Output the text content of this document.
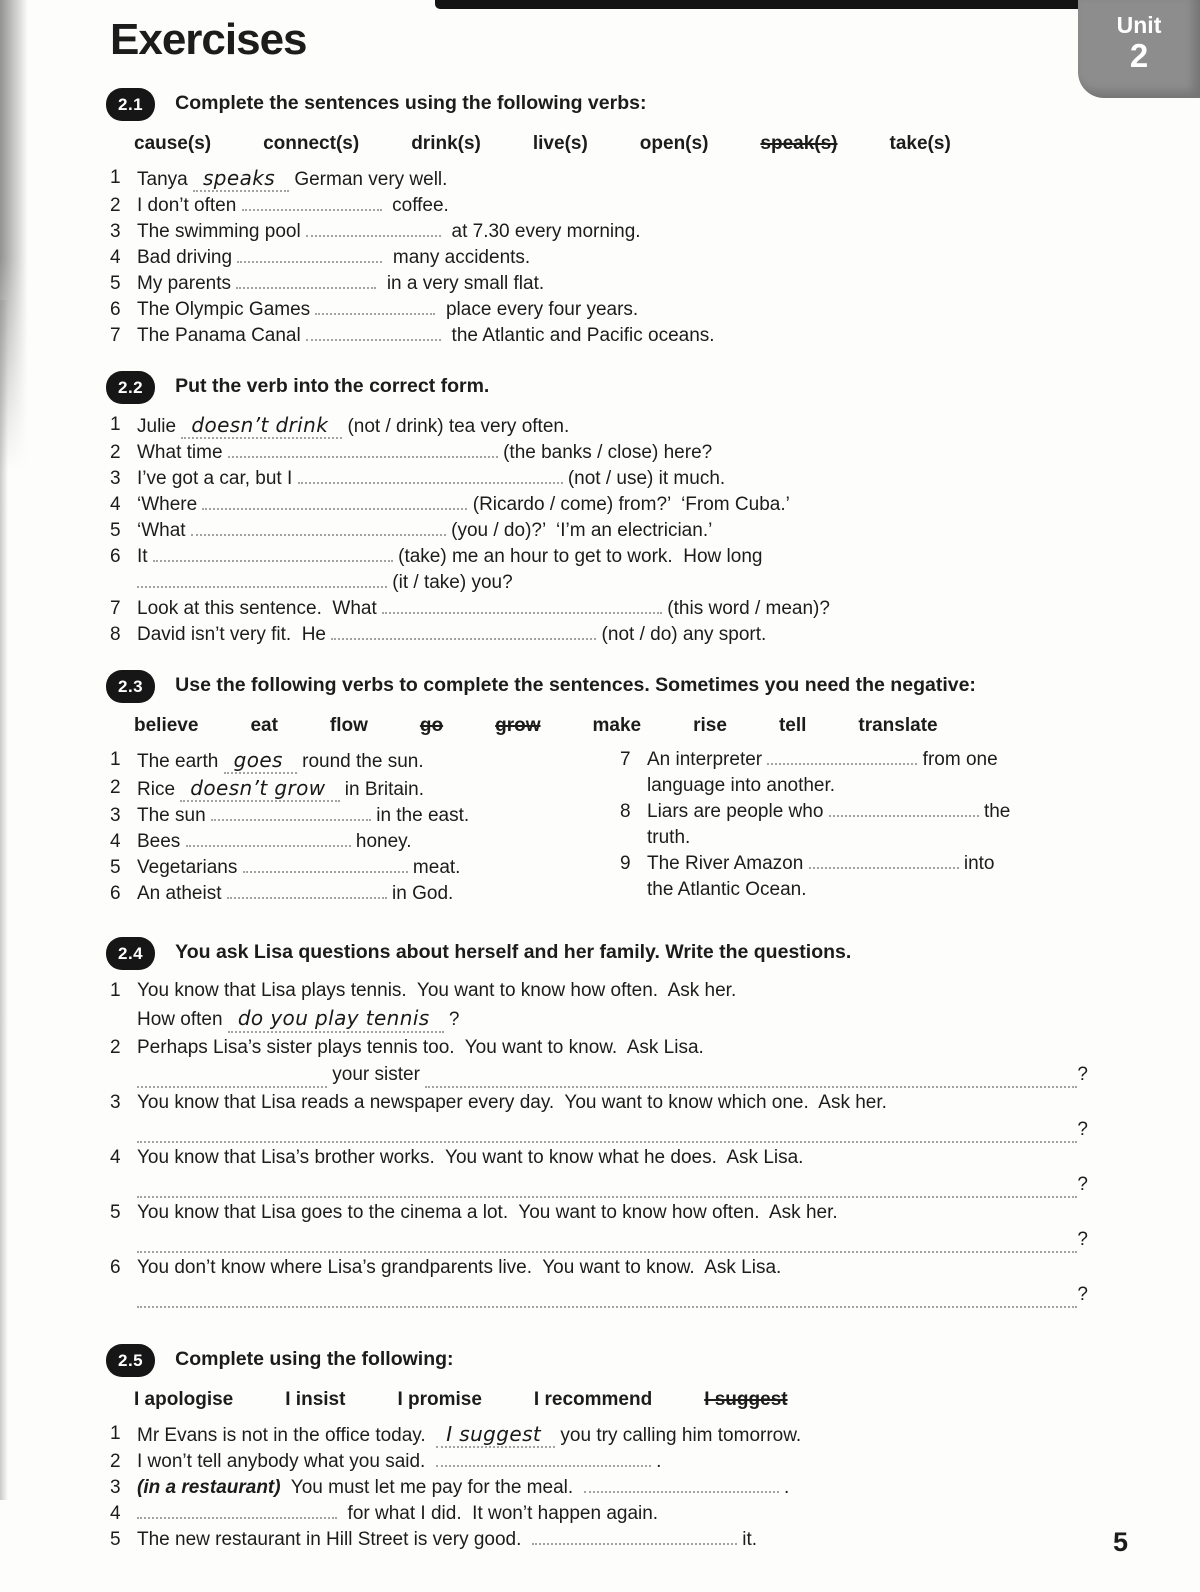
Unit
2
Exercises
2.1	Complete the sentences using the following verbs:

cause(s)	connect(s)	drink(s)	live(s)	open(s)	speak(s)	take(s)
1 Tanya speaks German very well.
2 I don’t often	coffee.
3 The swimming pool	at 7.30 every morning.
4 Bad driving	many accidents.
5 My parents	in a very small flat.
6 The Olympic Games	place every four years.
7 The Panama Canal	the Atlantic and Pacific oceans.
2.2	Put the verb into the correct form.

1 Julie doesn’t drink (not / drink) tea very often.
2 What time	(the banks / close) here?
3 I’ve got a car, but I	(not / use) it much.
4 ‘Where	(Ricardo / come) from?’  ‘From Cuba.’
5 ‘What	(you / do)?’  ‘I’m an electrician.’
6 It	(take) me an hour to get to work.  How long
(it / take) you?
7 Look at this sentence.  What	(this word / mean)?
8 David isn’t very fit.  He	(not / do) any sport.
2.3	Use the following verbs to complete the sentences. Sometimes you need the negative:

believe	eat	flow	go	grow	make	rise	tell	translate
1 The earth goes round the sun.
2 Rice doesn’t grow in Britain.
3 The sun	in the east.
4 Bees	honey.
5 Vegetarians	meat.
6 An atheist	in God.
7 An interpreter	from one
language into another.
8 Liars are people who	the
truth.
9 The River Amazon	into
the Atlantic Ocean.
2.4	You ask Lisa questions about herself and her family. Write the questions.

1 You know that Lisa plays tennis.  You want to know how often.  Ask her.
How often do you play tennis ?
2 Perhaps Lisa’s sister plays tennis too.  You want to know.  Ask Lisa.
your sister	?
3 You know that Lisa reads a newspaper every day.  You want to know which one.  Ask her.
?
4 You know that Lisa’s brother works.  You want to know what he does.  Ask Lisa.
?
5 You know that Lisa goes to the cinema a lot.  You want to know how often.  Ask her.
?
6 You don’t know where Lisa’s grandparents live.  You want to know.  Ask Lisa.
?
2.5	Complete using the following:

I apologise	I insist	I promise	I recommend	I suggest
1 Mr Evans is not in the office today.  I suggest you try calling him tomorrow.
2 I won’t tell anybody what you said.	.
3 (in a restaurant)  You must let me pay for the meal.	.
4	for what I did.  It won’t happen again.
5 The new restaurant in Hill Street is very good.	it.	5
